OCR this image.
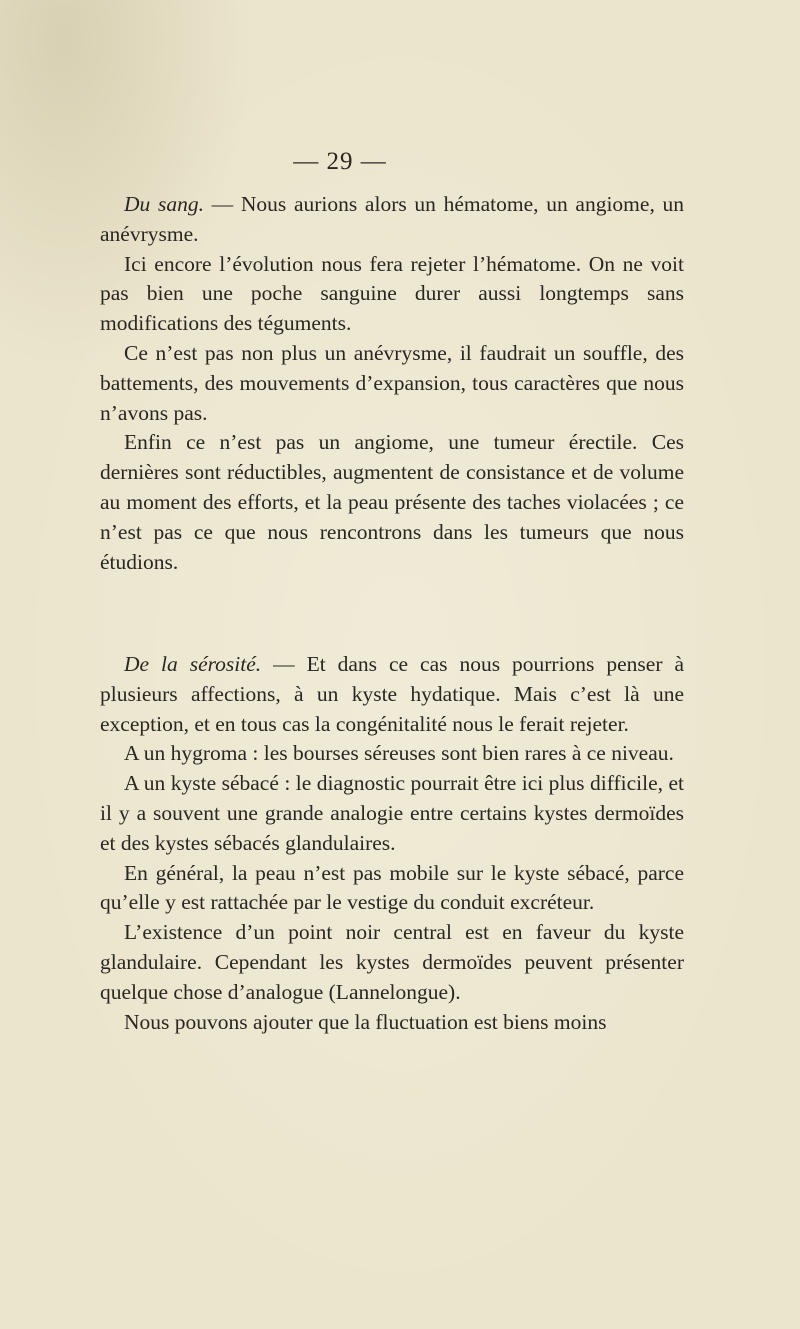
— 29 —

Du sang. — Nous aurions alors un hématome, un angiome, un anévrysme.

Ici encore l’évolution nous fera rejeter l’hématome. On ne voit pas bien une poche sanguine durer aussi longtemps sans modifications des téguments.

Ce n’est pas non plus un anévrysme, il faudrait un souffle, des battements, des mouvements d’expansion, tous caractères que nous n’avons pas.

Enfin ce n’est pas un angiome, une tumeur érectile. Ces dernières sont réductibles, augmentent de consistance et de volume au moment des efforts, et la peau présente des taches violacées ; ce n’est pas ce que nous rencontrons dans les tumeurs que nous étudions.

De la sérosité. — Et dans ce cas nous pourrions penser à plusieurs affections, à un kyste hydatique. Mais c’est là une exception, et en tous cas la congénitalité nous le ferait rejeter.

A un hygroma : les bourses séreuses sont bien rares à ce niveau.

A un kyste sébacé : le diagnostic pourrait être ici plus difficile, et il y a souvent une grande analogie entre certains kystes dermoïdes et des kystes sébacés glandulaires.

En général, la peau n’est pas mobile sur le kyste sébacé, parce qu’elle y est rattachée par le vestige du conduit excréteur.

L’existence d’un point noir central est en faveur du kyste glandulaire. Cependant les kystes dermoïdes peuvent présenter quelque chose d’analogue (Lannelongue).

Nous pouvons ajouter que la fluctuation est biens moins
